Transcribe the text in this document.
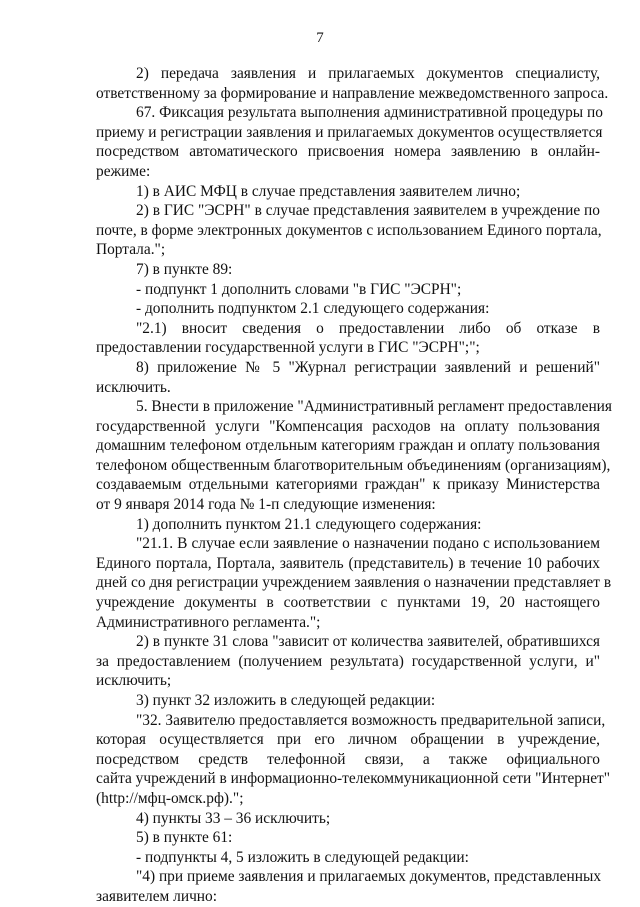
7
2) передача заявления и прилагаемых документов специалисту,
ответственному за формирование и направление межведомственного запроса.
67. Фиксация результата выполнения административной процедуры по
приему и регистрации заявления и прилагаемых документов осуществляется
посредством автоматического присвоения номера заявлению в онлайн-
режиме:
1) в АИС МФЦ в случае представления заявителем лично;
2) в ГИС "ЭСРН" в случае представления заявителем в учреждение по
почте, в форме электронных документов с использованием Единого портала,
Портала.";
7) в пункте 89:
- подпункт 1 дополнить словами "в ГИС "ЭСРН";
- дополнить подпунктом 2.1 следующего содержания:
"2.1) вносит сведения о предоставлении либо об отказе в
предоставлении государственной услуги в ГИС "ЭСРН";";
8) приложение № 5 "Журнал регистрации заявлений и решений"
исключить.
5. Внести в приложение "Административный регламент предоставления
государственной услуги "Компенсация расходов на оплату пользования
домашним телефоном отдельным категориям граждан и оплату пользования
телефоном общественным благотворительным объединениям (организациям),
создаваемым отдельными категориями граждан" к приказу Министерства
от 9 января 2014 года № 1-п следующие изменения:
1) дополнить пунктом 21.1 следующего содержания:
"21.1. В случае если заявление о назначении подано с использованием
Единого портала, Портала, заявитель (представитель) в течение 10 рабочих
дней со дня регистрации учреждением заявления о назначении представляет в
учреждение документы в соответствии с пунктами 19, 20 настоящего
Административного регламента.";
2) в пункте 31 слова "зависит от количества заявителей, обратившихся
за предоставлением (получением результата) государственной услуги, и"
исключить;
3) пункт 32 изложить в следующей редакции:
"32. Заявителю предоставляется возможность предварительной записи,
которая осуществляется при его личном обращении в учреждение,
посредством средств телефонной связи, а также официального
сайта учреждений в информационно-телекоммуникационной сети "Интернет"
(http://мфц-омск.рф).";
4) пункты 33 – 36 исключить;
5) в пункте 61:
- подпункты 4, 5 изложить в следующей редакции:
"4) при приеме заявления и прилагаемых документов, представленных
заявителем лично:
